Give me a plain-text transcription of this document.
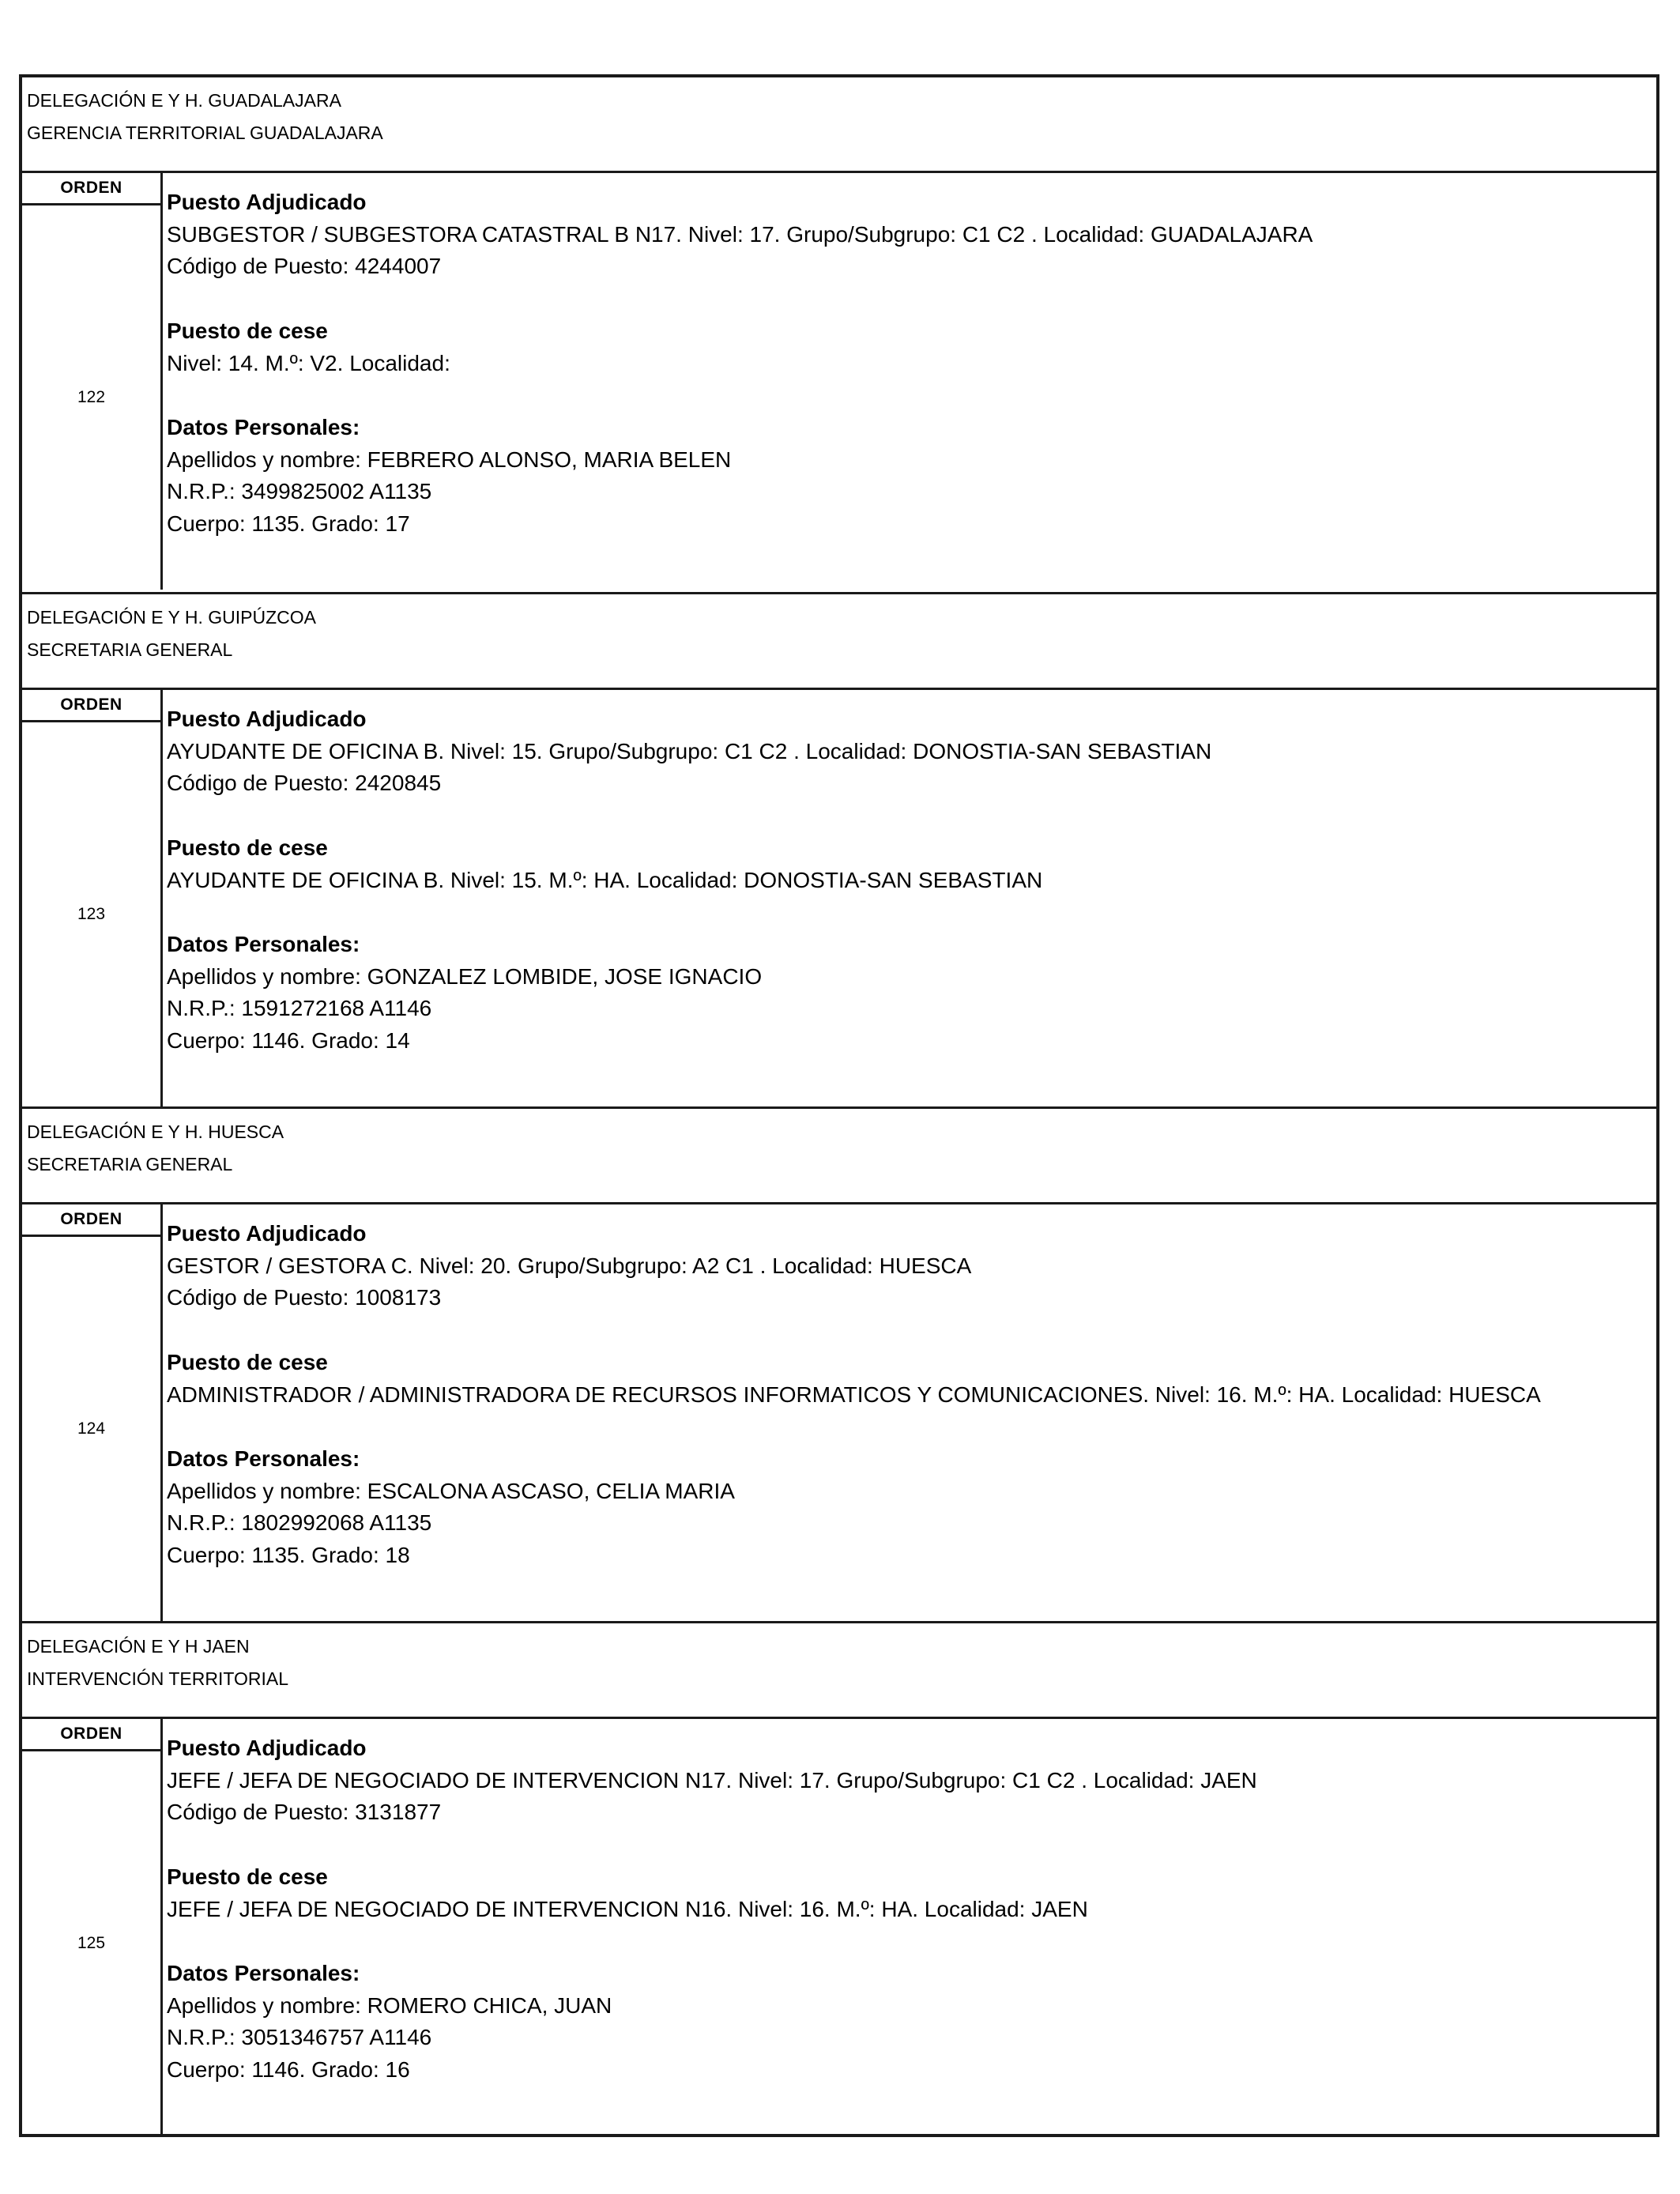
DELEGACIÓN E Y H. GUADALAJARA
GERENCIA TERRITORIAL GUADALAJARA
ORDEN
122
Puesto Adjudicado
SUBGESTOR / SUBGESTORA CATASTRAL B N17. Nivel: 17. Grupo/Subgrupo: C1 C2 . Localidad: GUADALAJARA
Código de Puesto: 4244007
Puesto de cese
Nivel: 14. M.º: V2. Localidad:
Datos Personales:
Apellidos y nombre: FEBRERO ALONSO, MARIA BELEN
N.R.P.: 3499825002 A1135
Cuerpo: 1135. Grado: 17
DELEGACIÓN E Y H. GUIPÚZCOA
SECRETARIA GENERAL
ORDEN
123
Puesto Adjudicado
AYUDANTE DE OFICINA B. Nivel: 15. Grupo/Subgrupo: C1 C2 . Localidad: DONOSTIA-SAN SEBASTIAN
Código de Puesto: 2420845
Puesto de cese
AYUDANTE DE OFICINA B. Nivel: 15. M.º: HA. Localidad: DONOSTIA-SAN SEBASTIAN
Datos Personales:
Apellidos y nombre: GONZALEZ LOMBIDE, JOSE IGNACIO
N.R.P.: 1591272168 A1146
Cuerpo: 1146. Grado: 14
DELEGACIÓN E Y H. HUESCA
SECRETARIA GENERAL
ORDEN
124
Puesto Adjudicado
GESTOR / GESTORA C. Nivel: 20. Grupo/Subgrupo: A2 C1 . Localidad: HUESCA
Código de Puesto: 1008173
Puesto de cese
ADMINISTRADOR / ADMINISTRADORA DE RECURSOS INFORMATICOS Y COMUNICACIONES. Nivel: 16. M.º: HA. Localidad: HUESCA
Datos Personales:
Apellidos y nombre: ESCALONA ASCASO, CELIA MARIA
N.R.P.: 1802992068 A1135
Cuerpo: 1135. Grado: 18
DELEGACIÓN E Y H JAEN
INTERVENCIÓN TERRITORIAL
ORDEN
125
Puesto Adjudicado
JEFE / JEFA DE NEGOCIADO DE INTERVENCION N17. Nivel: 17. Grupo/Subgrupo: C1 C2 . Localidad: JAEN
Código de Puesto: 3131877
Puesto de cese
JEFE / JEFA DE NEGOCIADO DE INTERVENCION N16. Nivel: 16. M.º: HA. Localidad: JAEN
Datos Personales:
Apellidos y nombre: ROMERO CHICA, JUAN
N.R.P.: 3051346757 A1146
Cuerpo: 1146. Grado: 16
